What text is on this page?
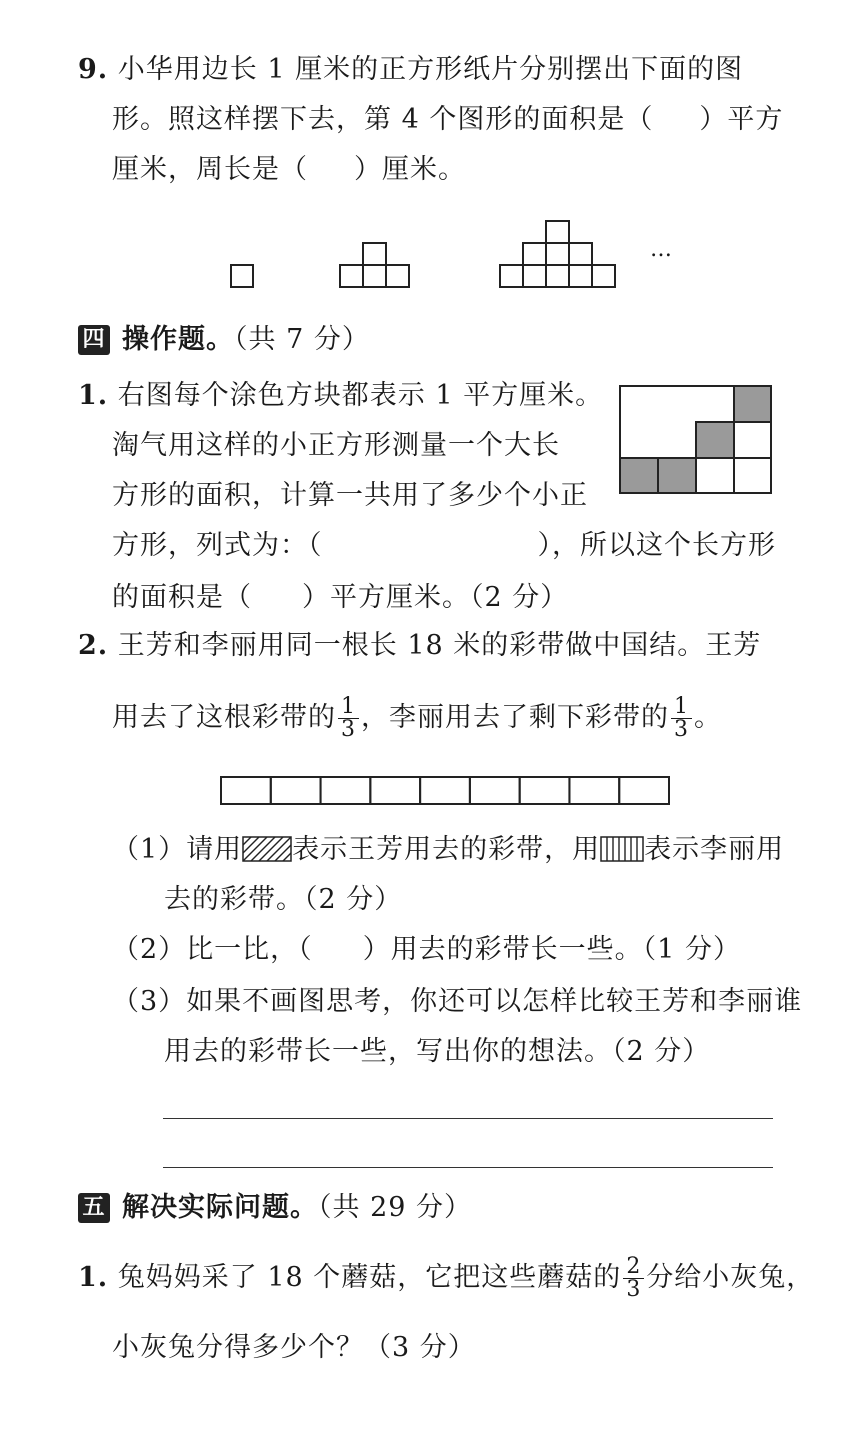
9. 小华用边长 1 厘米的正方形纸片分别摆出下面的图
形。照这样摆下去，第 4 个图形的面积是（ ）平方
厘米，周长是（ ）厘米。
…
四 操作题。（共 7 分）
1. 右图每个涂色方块都表示 1 平方厘米。
淘气用这样的小正方形测量一个大长
方形的面积，计算一共用了多少个小正
方形，列式为：（	），所以这个长方形
的面积是（ ）平方厘米。（2 分）
2. 王芳和李丽用同一根长 18 米的彩带做中国结。王芳
用去了这根彩带的 $\frac{1}{3}$ ，李丽用去了剩下彩带的 $\frac{1}{3}$ 。
（1）请用 表示王芳用去的彩带，用 表示李丽用
去的彩带。（2 分）
（2）比一比，（ ）用去的彩带长一些。（1 分）
（3）如果不画图思考，你还可以怎样比较王芳和李丽谁
用去的彩带长一些，写出你的想法。（2 分）
五 解决实际问题。（共 29 分）
1. 兔妈妈采了 18 个蘑菇，它把这些蘑菇的 $\frac{2}{3}$ 分给小灰兔，
小灰兔分得多少个？（3 分）
